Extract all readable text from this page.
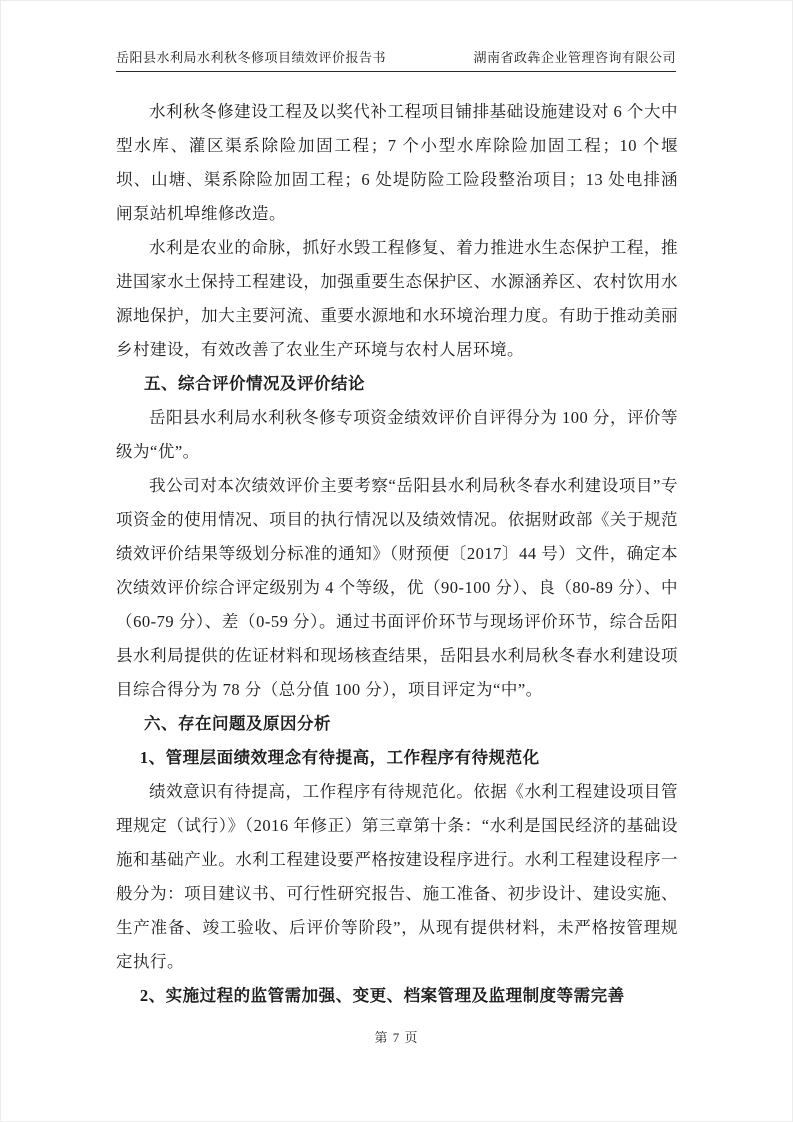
岳阳县水利局水利秋冬修项目绩效评价报告书	湖南省政犇企业管理咨询有限公司

水利秋冬修建设工程及以奖代补工程项目铺排基础设施建设对 6 个大中型水库、灌区渠系除险加固工程；7 个小型水库除险加固工程；10 个堰坝、山塘、渠系除险加固工程；6 处堤防险工险段整治项目；13 处电排涵闸泵站机埠维修改造。

水利是农业的命脉，抓好水毁工程修复、着力推进水生态保护工程，推进国家水土保持工程建设，加强重要生态保护区、水源涵养区、农村饮用水源地保护，加大主要河流、重要水源地和水环境治理力度。有助于推动美丽乡村建设，有效改善了农业生产环境与农村人居环境。

五、综合评价情况及评价结论

岳阳县水利局水利秋冬修专项资金绩效评价自评得分为 100 分，评价等级为“优”。

我公司对本次绩效评价主要考察“岳阳县水利局秋冬春水利建设项目”专项资金的使用情况、项目的执行情况以及绩效情况。依据财政部《关于规范绩效评价结果等级划分标准的通知》（财预便〔2017〕44 号）文件，确定本次绩效评价综合评定级别为 4 个等级，优（90-100 分）、良（80-89 分）、中（60-79 分）、差（0-59 分）。通过书面评价环节与现场评价环节，综合岳阳县水利局提供的佐证材料和现场核查结果，岳阳县水利局秋冬春水利建设项目综合得分为 78 分（总分值 100 分），项目评定为“中”。

六、存在问题及原因分析

1、管理层面绩效理念有待提高，工作程序有待规范化

绩效意识有待提高，工作程序有待规范化。依据《水利工程建设项目管理规定（试行）》（2016 年修正）第三章第十条：“水利是国民经济的基础设施和基础产业。水利工程建设要严格按建设程序进行。水利工程建设程序一般分为：项目建议书、可行性研究报告、施工准备、初步设计、建设实施、生产准备、竣工验收、后评价等阶段”，从现有提供材料，未严格按管理规定执行。

2、实施过程的监管需加强、变更、档案管理及监理制度等需完善

第 7 页
